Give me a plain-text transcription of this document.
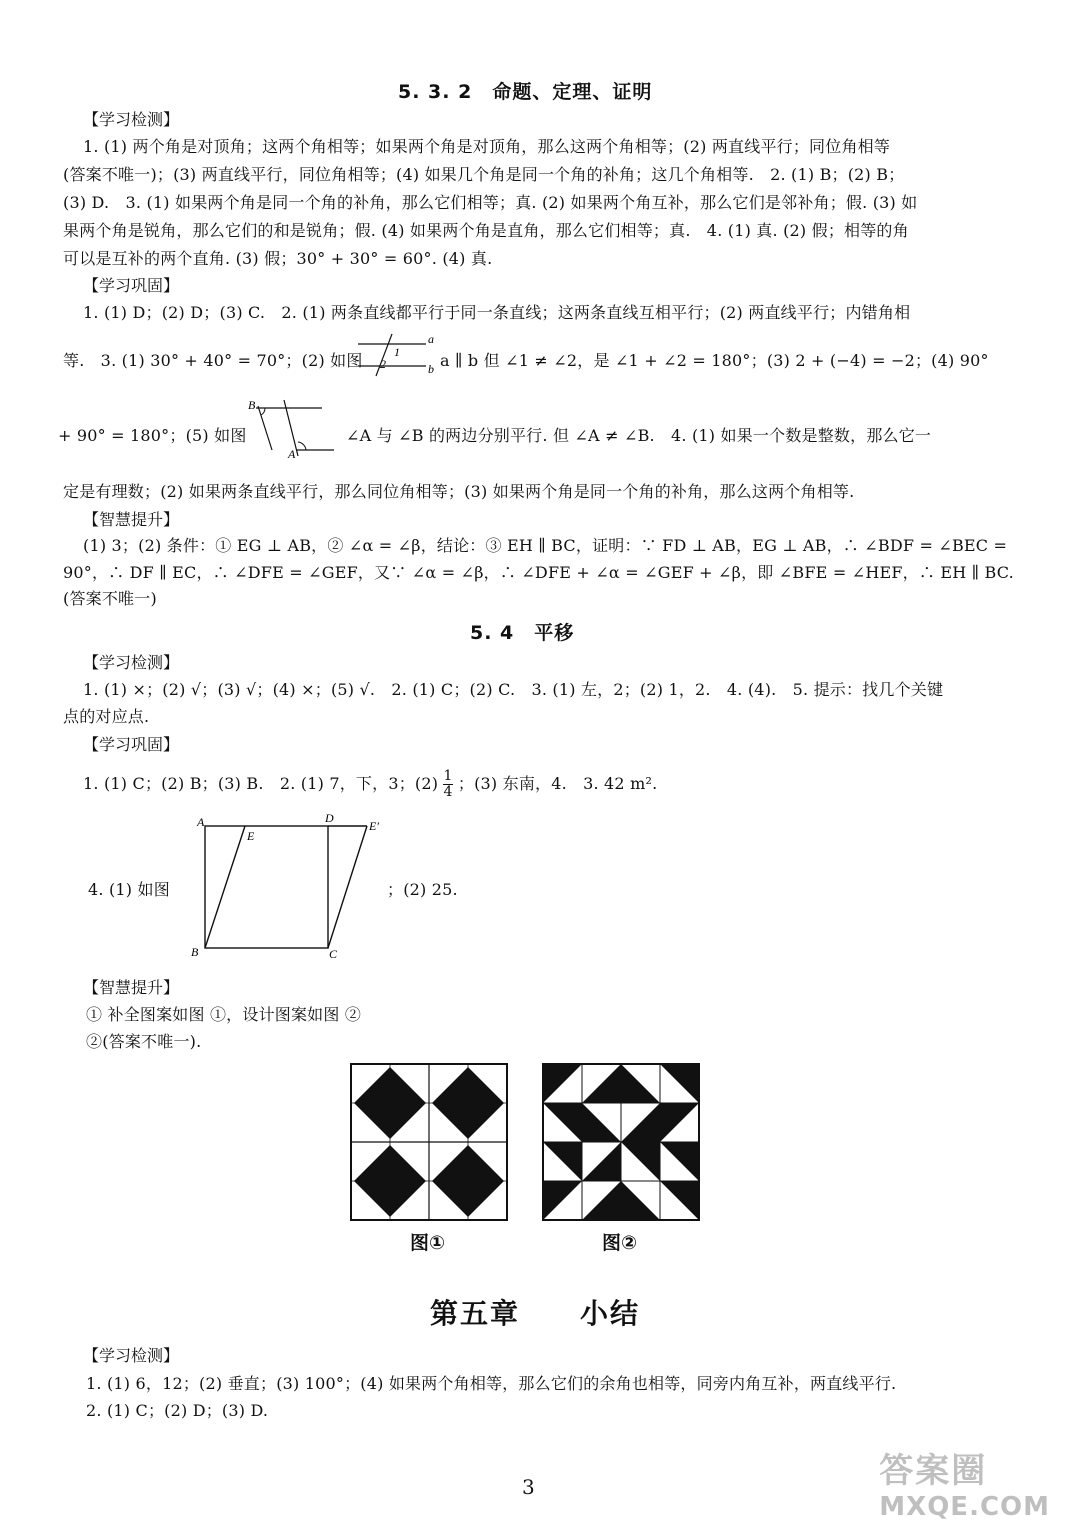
5. 3. 2　命题、定理、证明
【学习检测】
1. (1) 两个角是对顶角；这两个角相等；如果两个角是对顶角，那么这两个角相等；(2) 两直线平行；同位角相等
(答案不唯一)；(3) 两直线平行，同位角相等；(4) 如果几个角是同一个角的补角；这几个角相等.　2. (1) B；(2) B；
(3) D.　3. (1) 如果两个角是同一个角的补角，那么它们相等；真. (2) 如果两个角互补，那么它们是邻补角；假. (3) 如
果两个角是锐角，那么它们的和是锐角；假. (4) 如果两个角是直角，那么它们相等；真.　4. (1) 真. (2) 假；相等的角
可以是互补的两个直角. (3) 假；30° + 30° = 60°. (4) 真.
【学习巩固】
1. (1) D；(2) D；(3) C.　2. (1) 两条直线都平行于同一条直线；这两条直线互相平行；(2) 两直线平行；内错角相
等.　3. (1) 30° + 40° = 70°；(2) 如图
a
b
1
2	a ∥ b 但 ∠1 ≠ ∠2，是 ∠1 + ∠2 = 180°；(3) 2 + (−4) = −2；(4) 90°
+ 90° = 180°；(5) 如图
B
A
∠A 与 ∠B 的两边分别平行. 但 ∠A ≠ ∠B.　4. (1) 如果一个数是整数，那么它一
定是有理数；(2) 如果两条直线平行，那么同位角相等；(3) 如果两个角是同一个角的补角，那么这两个角相等.
【智慧提升】
(1) 3；(2) 条件：① EG ⊥ AB，② ∠α = ∠β，结论：③ EH ∥ BC，证明：∵ FD ⊥ AB，EG ⊥ AB，∴ ∠BDF = ∠BEC =
90°，∴ DF ∥ EC，∴ ∠DFE = ∠GEF，又∵ ∠α = ∠β，∴ ∠DFE + ∠α = ∠GEF + ∠β，即 ∠BFE = ∠HEF，∴ EH ∥ BC.
(答案不唯一)
5. 4　平移
【学习检测】
1. (1) ×；(2) √；(3) √；(4) ×；(5) √.　2. (1) C；(2) C.　3. (1) 左，2；(2) 1，2.　4. (4).　5. 提示：找几个关键
点的对应点.
【学习巩固】
1. (1) C；(2) B；(3) B.　2. (1) 7，下，3；$(2) \frac{1}{4}$ ；(3) 东南，4.　3. 42 m².
A
E
D
E′
B	C
4. (1) 如图	；(2) 25.
【智慧提升】
① 补全图案如图 ①，设计图案如图 ②
②(答案不唯一).
图①	图②
第五章　　小结
【学习检测】
1. (1) 6，12；(2) 垂直；(3) 100°；(4) 如果两个角相等，那么它们的余角也相等，同旁内角互补，两直线平行.
2. (1) C；(2) D；(3) D.
3	答案圈
MXQE.COM
